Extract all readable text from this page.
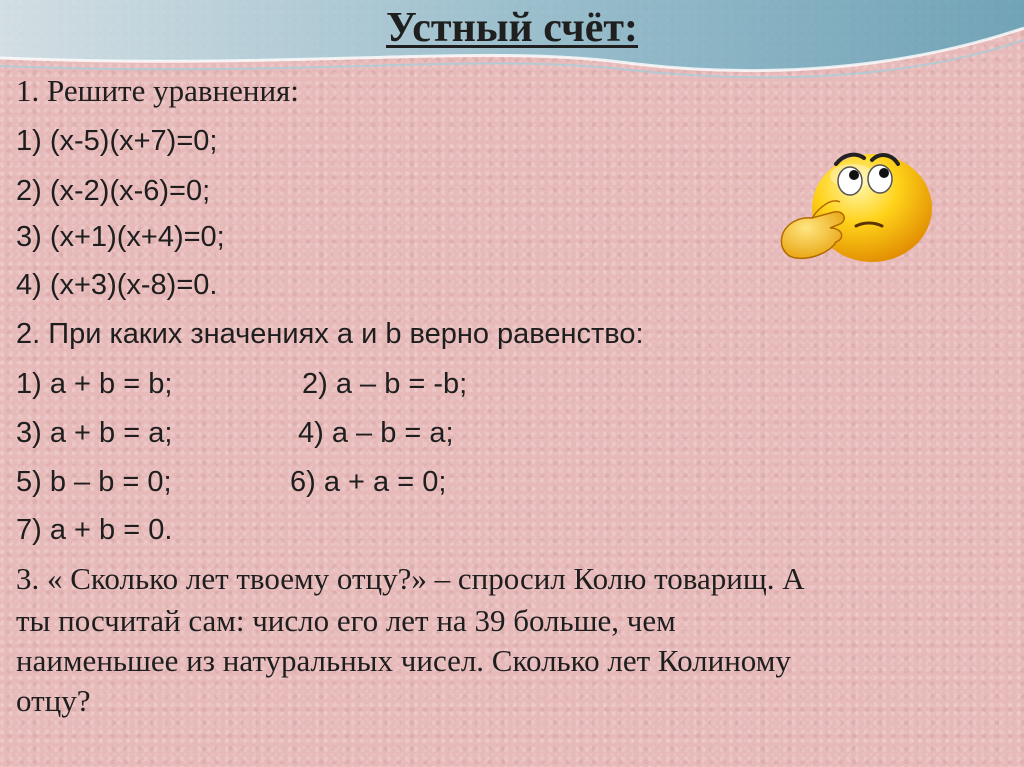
Устный счёт:
1. Решите уравнения:
1) (x-5)(x+7)=0;
2) (x-2)(x-6)=0;
3) (x+1)(x+4)=0;
4) (x+3)(x-8)=0.
2. При каких значениях a и b верно равенство:
1) a + b = b;	2) a – b = -b;
3) a + b = a;	4) a – b = a;
5) b – b = 0;	6) a + a = 0;
7) a + b = 0.
3. « Сколько лет твоему отцу?» – спросил Колю товарищ. А
ты посчитай сам: число его лет на 39 больше, чем
наименьшее из натуральных чисел. Сколько лет Колиному
отцу?
